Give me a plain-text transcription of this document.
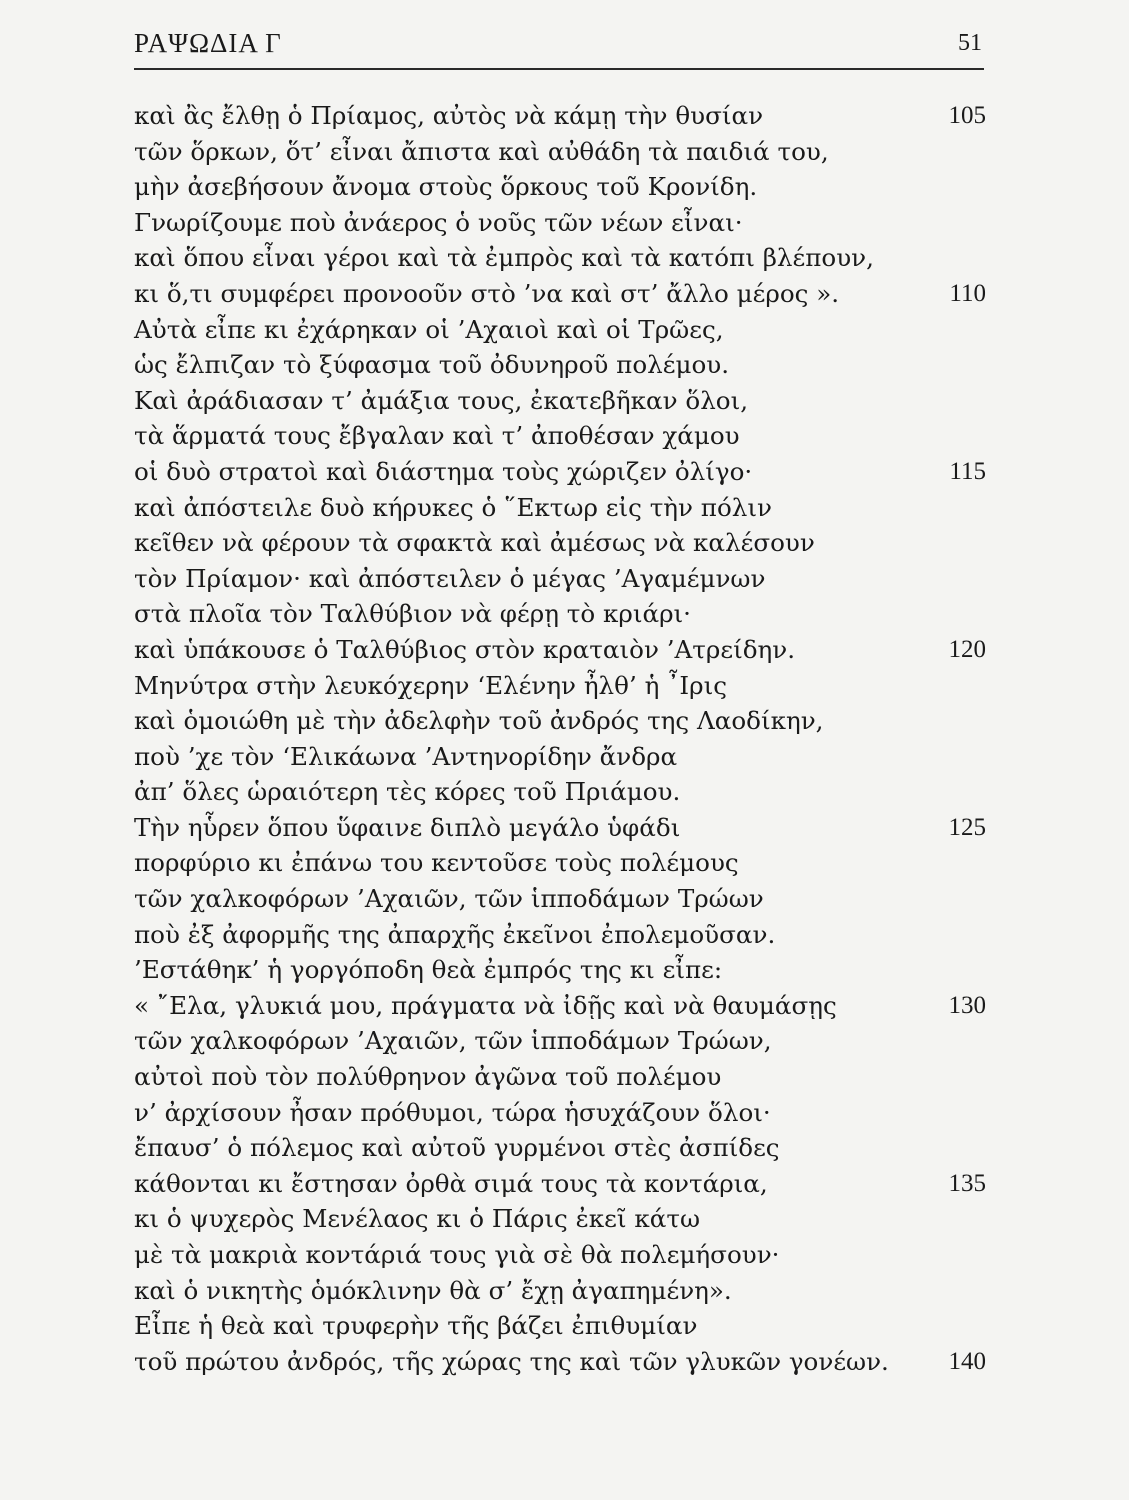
ΡΑΨΩΔΙΑ Γ	51
καὶ ἂς ἔλθῃ ὁ Πρίαμος, αὐτὸς νὰ κάμῃ τὴν θυσίαν	105
τῶν ὅρκων, ὅτ’ εἶναι ἄπιστα καὶ αὐθάδη τὰ παιδιά του,
μὴν ἀσεβήσουν ἄνομα στοὺς ὅρκους τοῦ Κρονίδη.
Γνωρίζουμε ποὺ ἀνάερος ὁ νοῦς τῶν νέων εἶναι·
καὶ ὅπου εἶναι γέροι καὶ τὰ ἐμπρὸς καὶ τὰ κατόπι βλέπουν,
κι ὅ,τι συμφέρει προνοοῦν στὸ ’να καὶ στ’ ἄλλο μέρος ».	110
Αὐτὰ εἶπε κι ἐχάρηκαν οἱ ’Αχαιοὶ καὶ οἱ Τρῶες,
ὡς ἔλπιζαν τὸ ξύφασμα τοῦ ὀδυνηροῦ πολέμου.
Καὶ ἀράδιασαν τ’ ἀμάξια τους, ἐκατεβῆκαν ὅλοι,
τὰ ἅρματά τους ἔβγαλαν καὶ τ’ ἀποθέσαν χάμου
οἱ δυὸ στρατοὶ καὶ διάστημα τοὺς χώριζεν ὀλίγο·	115
καὶ ἀπόστειλε δυὸ κήρυκες ὁ ῞Εκτωρ εἰς τὴν πόλιν
κεῖθεν νὰ φέρουν τὰ σφακτὰ καὶ ἀμέσως νὰ καλέσουν
τὸν Πρίαμον· καὶ ἀπόστειλεν ὁ μέγας ’Αγαμέμνων
στὰ πλοῖα τὸν Ταλθύβιον νὰ φέρῃ τὸ κριάρι·
καὶ ὑπάκουσε ὁ Ταλθύβιος στὸν κραταιὸν ’Ατρείδην.	120
Μηνύτρα στὴν λευκόχερην ‘Ελένην ἦλθ’ ἡ ῏Ιρις
καὶ ὁμοιώθη μὲ τὴν ἀδελφὴν τοῦ ἀνδρός της Λαοδίκην,
ποὺ ’χε τὸν ‘Ελικάωνα ’Αντηνορίδην ἄνδρα
ἀπ’ ὅλες ὡραιότερη τὲς κόρες τοῦ Πριάμου.
Τὴν ηὗρεν ὅπου ὕφαινε διπλὸ μεγάλο ὑφάδι	125
πορφύριο κι ἐπάνω του κεντοῦσε τοὺς πολέμους
τῶν χαλκοφόρων ’Αχαιῶν, τῶν ἱπποδάμων Τρώων
ποὺ ἐξ ἀφορμῆς της ἀπαρχῆς ἐκεῖνοι ἐπολεμοῦσαν.
’Εστάθηκ’ ἡ γοργόποδη θεὰ ἐμπρός της κι εἶπε:
« ῎Ελα, γλυκιά μου, πράγματα νὰ ἰδῇς καὶ νὰ θαυμάσῃς	130
τῶν χαλκοφόρων ’Αχαιῶν, τῶν ἱπποδάμων Τρώων,
αὐτοὶ ποὺ τὸν πολύθρηνον ἀγῶνα τοῦ πολέμου
ν’ ἀρχίσουν ἦσαν πρόθυμοι, τώρα ἡσυχάζουν ὅλοι·
ἔπαυσ’ ὁ πόλεμος καὶ αὐτοῦ γυρμένοι στὲς ἀσπίδες
κάθονται κι ἔστησαν ὀρθὰ σιμά τους τὰ κοντάρια,	135
κι ὁ ψυχερὸς Μενέλαος κι ὁ Πάρις ἐκεῖ κάτω
μὲ τὰ μακριὰ κοντάριά τους γιὰ σὲ θὰ πολεμήσουν·
καὶ ὁ νικητὴς ὁμόκλινην θὰ σ’ ἔχῃ ἀγαπημένη».
Εἶπε ἡ θεὰ καὶ τρυφερὴν τῆς βάζει ἐπιθυμίαν
τοῦ πρώτου ἀνδρός, τῆς χώρας της καὶ τῶν γλυκῶν γονέων. 140
